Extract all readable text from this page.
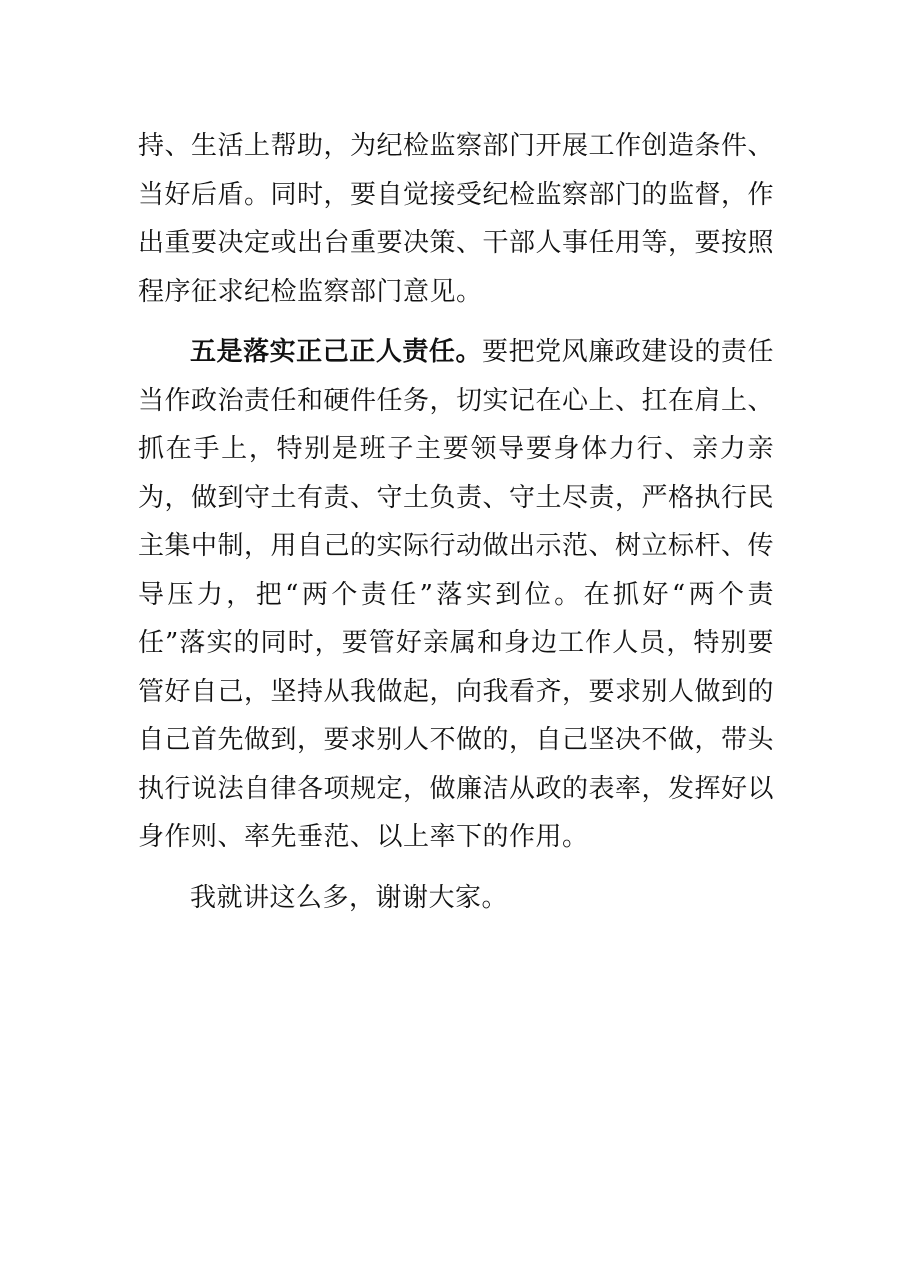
持、生活上帮助，为纪检监察部门开展工作创造条件、当好后盾。同时，要自觉接受纪检监察部门的监督，作出重要决定或出台重要决策、干部人事任用等，要按照程序征求纪检监察部门意见。

五是落实正己正人责任。要把党风廉政建设的责任当作政治责任和硬件任务，切实记在心上、扛在肩上、抓在手上，特别是班子主要领导要身体力行、亲力亲为，做到守土有责、守土负责、守土尽责，严格执行民主集中制，用自己的实际行动做出示范、树立标杆、传导压力，把“两个责任”落实到位。在抓好“两个责任”落实的同时，要管好亲属和身边工作人员，特别要管好自己，坚持从我做起，向我看齐，要求别人做到的自己首先做到，要求别人不做的，自己坚决不做，带头执行说法自律各项规定，做廉洁从政的表率，发挥好以身作则、率先垂范、以上率下的作用。

我就讲这么多，谢谢大家。
